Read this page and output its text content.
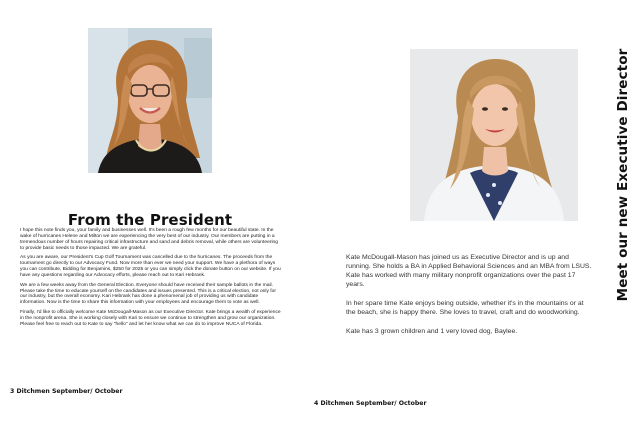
From the President

I hope this note finds you, your family and businesses well. It's been a rough few months for our beautiful state. In the wake of hurricanes Helene and Milton we are experiencing the very best of our industry. Our members are putting in a tremendous number of hours repairing critical infrastructure and sand and debris removal, while others are volunteering to provide basic needs to those impacted. We are grateful.

As you are aware, our President's Cup Golf Tournament was cancelled due to the hurricanes. The proceeds from the tournament go directly to our Advocacy Fund. Now more than ever we need your support. We have a plethora of ways you can contribute, Bidding for Benjamins, $250 for 2025 or you can simply click the donate button on our website. If you have any questions regarding our Advocacy efforts, please reach out to Kari Hebrank.

We are a few weeks away from the General Election. Everyone should have received their sample ballots in the mail. Please take the time to educate yourself on the candidates and issues presented. This is a critical election, not only for our industry, but the overall economy. Kari Hebrank has done a phenomenal job of providing us with candidate information. Now is the time to share this information with your employees and encourage them to vote as well.

Finally, I'd like to officially welcome Kate McDougall-Mason as our Executive Director. Kate brings a wealth of experience in the nonprofit arena. She is working closely with Kari to ensure we continue to strengthen and grow our organization. Please feel free to reach out to Kate to say "hello" and let her know what we can do to improve NUCA of Florida.

3 Ditchmen September/ October
Meet our new Executive Director

Kate McDougall-Mason has joined us as Executive Director and is up and running. She holds a BA in Applied Behavioral Sciences and an MBA from LSUS. Kate has worked with many military nonprofit organizations over the past 17 years.

In her spare time Kate enjoys being outside, whether it's in the mountains or at the beach, she is happy there. She loves to travel, craft and do woodworking.

Kate has 3 grown children and 1 very loved dog, Baylee.

4 Ditchmen September/ October
